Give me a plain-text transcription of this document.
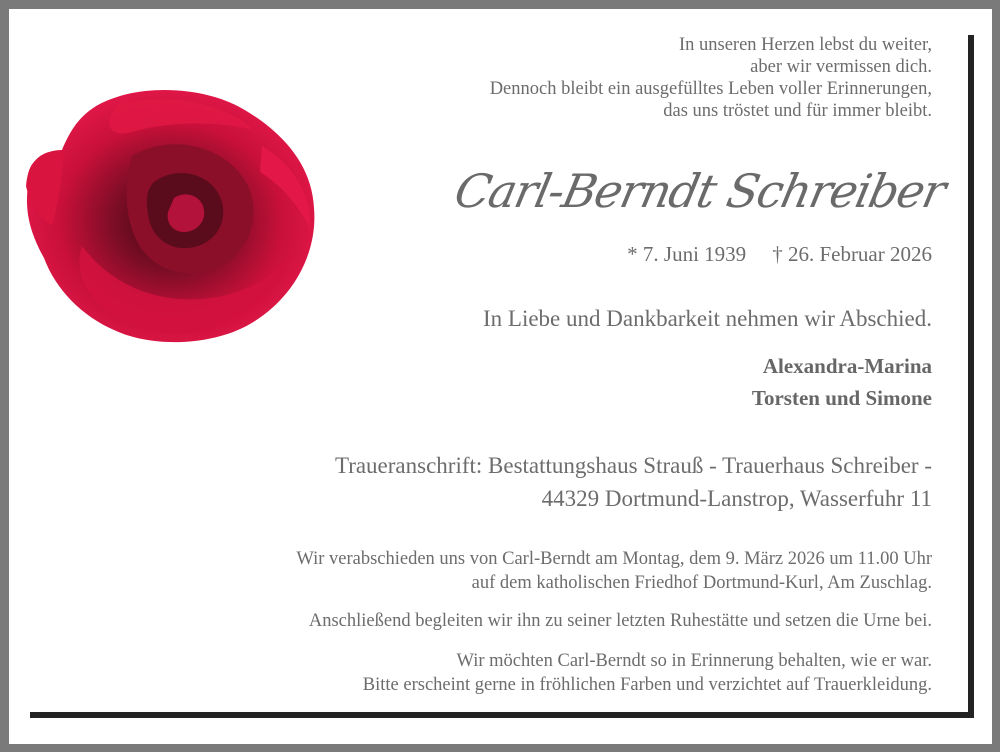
In unseren Herzen lebst du weiter,
aber wir vermissen dich.
Dennoch bleibt ein ausgefülltes Leben voller Erinnerungen,
das uns tröstet und für immer bleibt.
Carl-Berndt Schreiber
* 7. Juni 1939 † 26. Februar 2026
In Liebe und Dankbarkeit nehmen wir Abschied.
Alexandra-Marina
Torsten und Simone
Traueranschrift: Bestattungshaus Strauß - Trauerhaus Schreiber -
44329 Dortmund-Lanstrop, Wasserfuhr 11
Wir verabschieden uns von Carl-Berndt am Montag, dem 9. März 2026 um 11.00 Uhr
auf dem katholischen Friedhof Dortmund-Kurl, Am Zuschlag.
Anschließend begleiten wir ihn zu seiner letzten Ruhestätte und setzen die Urne bei.
Wir möchten Carl-Berndt so in Erinnerung behalten, wie er war.
Bitte erscheint gerne in fröhlichen Farben und verzichtet auf Trauerkleidung.
